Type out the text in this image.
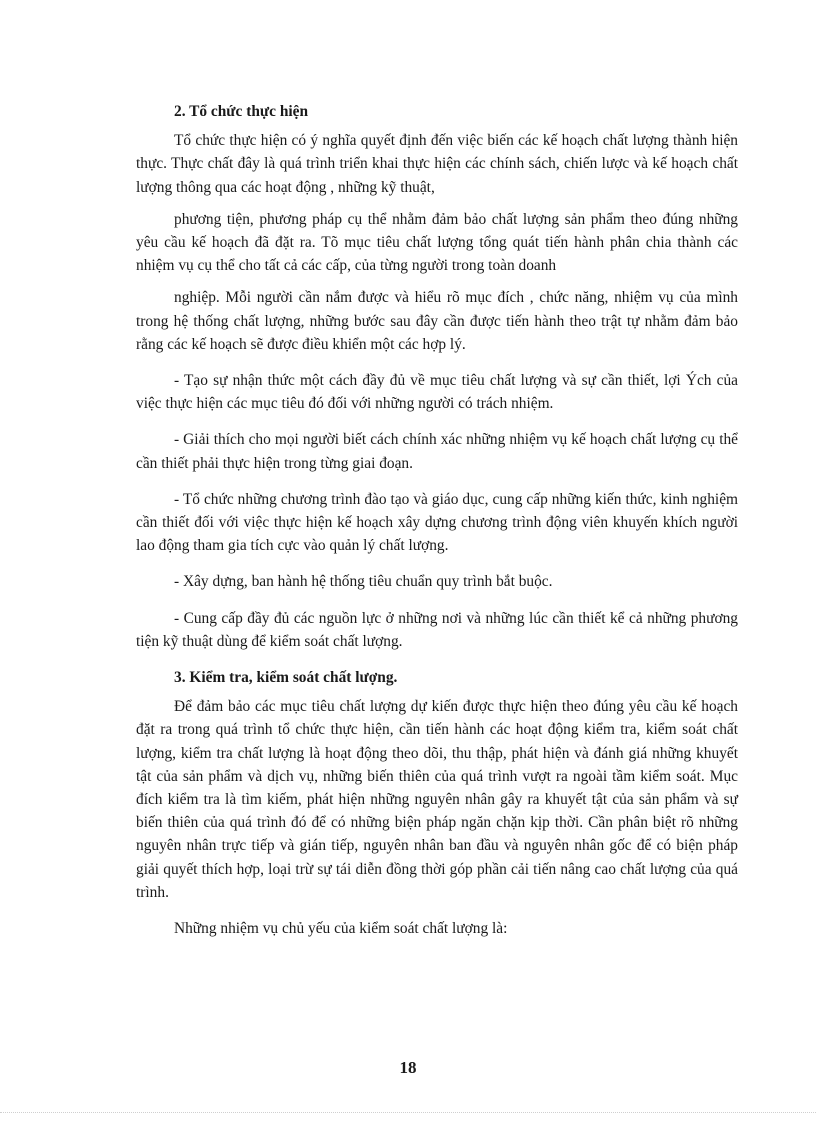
2. Tổ chức thực hiện

Tổ chức thực hiện có ý nghĩa quyết định đến việc biến các kế hoạch chất lượng thành hiện thực. Thực chất đây là quá trình triển khai thực hiện các chính sách, chiến lược và kế hoạch chất lượng thông qua các hoạt động , những kỹ thuật,

phương tiện, phương pháp cụ thể nhằm đảm bảo chất lượng sản phẩm theo đúng những yêu cầu kế hoạch đã đặt ra. Tõ mục tiêu chất lượng tổng quát tiến hành phân chia thành các nhiệm vụ cụ thể cho tất cả các cấp, của từng người trong toàn doanh

nghiệp. Mỗi người cần nắm được và hiểu rõ mục đích , chức năng, nhiệm vụ của mình trong hệ thống chất lượng, những bước sau đây cần được tiến hành theo trật tự nhằm đảm bảo rằng các kế hoạch sẽ được điều khiển một các hợp lý.

- Tạo sự nhận thức một cách đầy đủ về mục tiêu chất lượng và sự cần thiết, lợi Ých của việc thực hiện các mục tiêu đó đối với những người có trách nhiệm.

- Giải thích cho mọi người biết cách chính xác những nhiệm vụ kế hoạch chất lượng cụ thể cần thiết phải thực hiện trong từng giai đoạn.

- Tổ chức những chương trình đào tạo và giáo dục, cung cấp những kiến thức, kinh nghiệm cần thiết đối với việc thực hiện kế hoạch xây dựng chương trình động viên khuyến khích người lao động tham gia tích cực vào quản lý chất lượng.

- Xây dựng, ban hành hệ thống tiêu chuẩn quy trình bắt buộc.

- Cung cấp đầy đủ các nguồn lực ở những nơi và những lúc cần thiết kể cả những phương tiện kỹ thuật dùng để kiểm soát chất lượng.

3. Kiểm tra, kiểm soát chất lượng.

Để đảm bảo các mục tiêu chất lượng dự kiến được thực hiện theo đúng yêu cầu kế hoạch đặt ra trong quá trình tổ chức thực hiện, cần tiến hành các hoạt động kiểm tra, kiểm soát chất lượng, kiểm tra chất lượng là hoạt động theo dõi, thu thập, phát hiện và đánh giá những khuyết tật của sản phẩm và dịch vụ, những biến thiên của quá trình vượt ra ngoài tầm kiểm soát. Mục đích kiểm tra là tìm kiếm, phát hiện những nguyên nhân gây ra khuyết tật của sản phẩm và sự biến thiên của quá trình đó để có những biện pháp ngăn chặn kịp thời. Cần phân biệt rõ những nguyên nhân trực tiếp và gián tiếp, nguyên nhân ban đầu và nguyên nhân gốc để có biện pháp giải quyết thích hợp, loại trừ sự tái diễn đồng thời góp phần cải tiến nâng cao chất lượng của quá trình.

Những nhiệm vụ chủ yếu của kiểm soát chất lượng là:

18
